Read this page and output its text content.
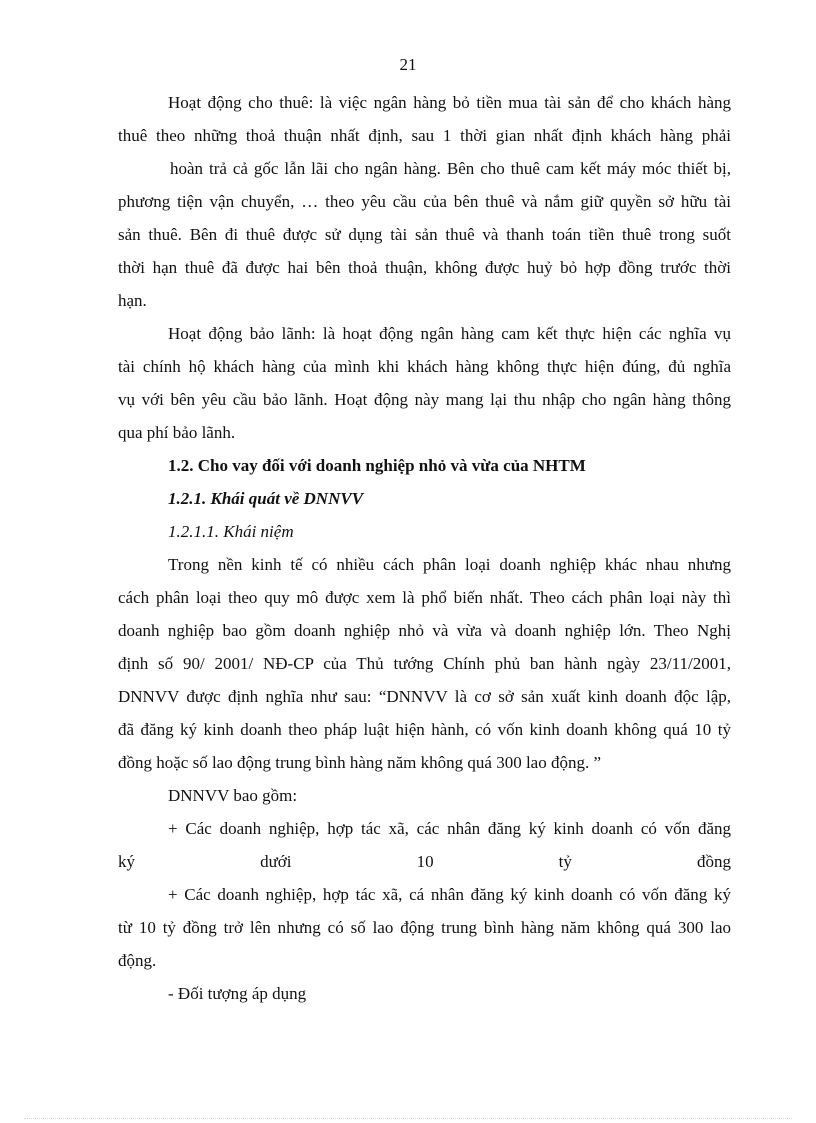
21
Hoạt động cho thuê: là việc ngân hàng bỏ tiền mua tài sản để cho khách hàng
thuê theo những thoả thuận nhất định, sau 1 thời gian nhất định khách hàng phải
hoàn trả cả gốc lẫn lãi cho ngân hàng. Bên cho thuê cam kết máy móc thiết bị,
phương tiện vận chuyển, … theo yêu cầu của bên thuê và nắm giữ quyền sở hữu tài
sản thuê. Bên đi thuê được sử dụng tài sản thuê và thanh toán tiền thuê trong suốt
thời hạn thuê đã được hai bên thoả thuận, không được huỷ bỏ hợp đồng trước thời
hạn.
Hoạt động bảo lãnh: là hoạt động ngân hàng cam kết thực hiện các nghĩa vụ
tài chính hộ khách hàng của mình khi khách hàng không thực hiện đúng, đủ nghĩa
vụ với bên yêu cầu bảo lãnh. Hoạt động này mang lại thu nhập cho ngân hàng thông
qua phí bảo lãnh.
1.2. Cho vay đối với doanh nghiệp nhỏ và vừa của NHTM
1.2.1. Khái quát về DNNVV
1.2.1.1. Khái niệm
Trong nền kinh tế có nhiều cách phân loại doanh nghiệp khác nhau nhưng
cách phân loại theo quy mô được xem là phổ biến nhất. Theo cách phân loại này thì
doanh nghiệp bao gồm doanh nghiệp nhỏ và vừa và doanh nghiệp lớn. Theo Nghị
định số 90/ 2001/ NĐ-CP của Thủ tướng Chính phủ ban hành ngày 23/11/2001,
DNNVV được định nghĩa như sau: “DNNVV là cơ sở sản xuất kinh doanh độc lập,
đã đăng ký kinh doanh theo pháp luật hiện hành, có vốn kinh doanh không quá 10 tỷ
đồng hoặc số lao động trung bình hàng năm không quá 300 lao động. ”
DNNVV bao gồm:
+ Các doanh nghiệp, hợp tác xã, các nhân đăng ký kinh doanh có vốn đăng
ký dưới 10 tỷ đồng
+ Các doanh nghiệp, hợp tác xã, cá nhân đăng ký kinh doanh có vốn đăng ký
từ 10 tỷ đồng trở lên nhưng có số lao động trung bình hàng năm không quá 300 lao
động.
- Đối tượng áp dụng
